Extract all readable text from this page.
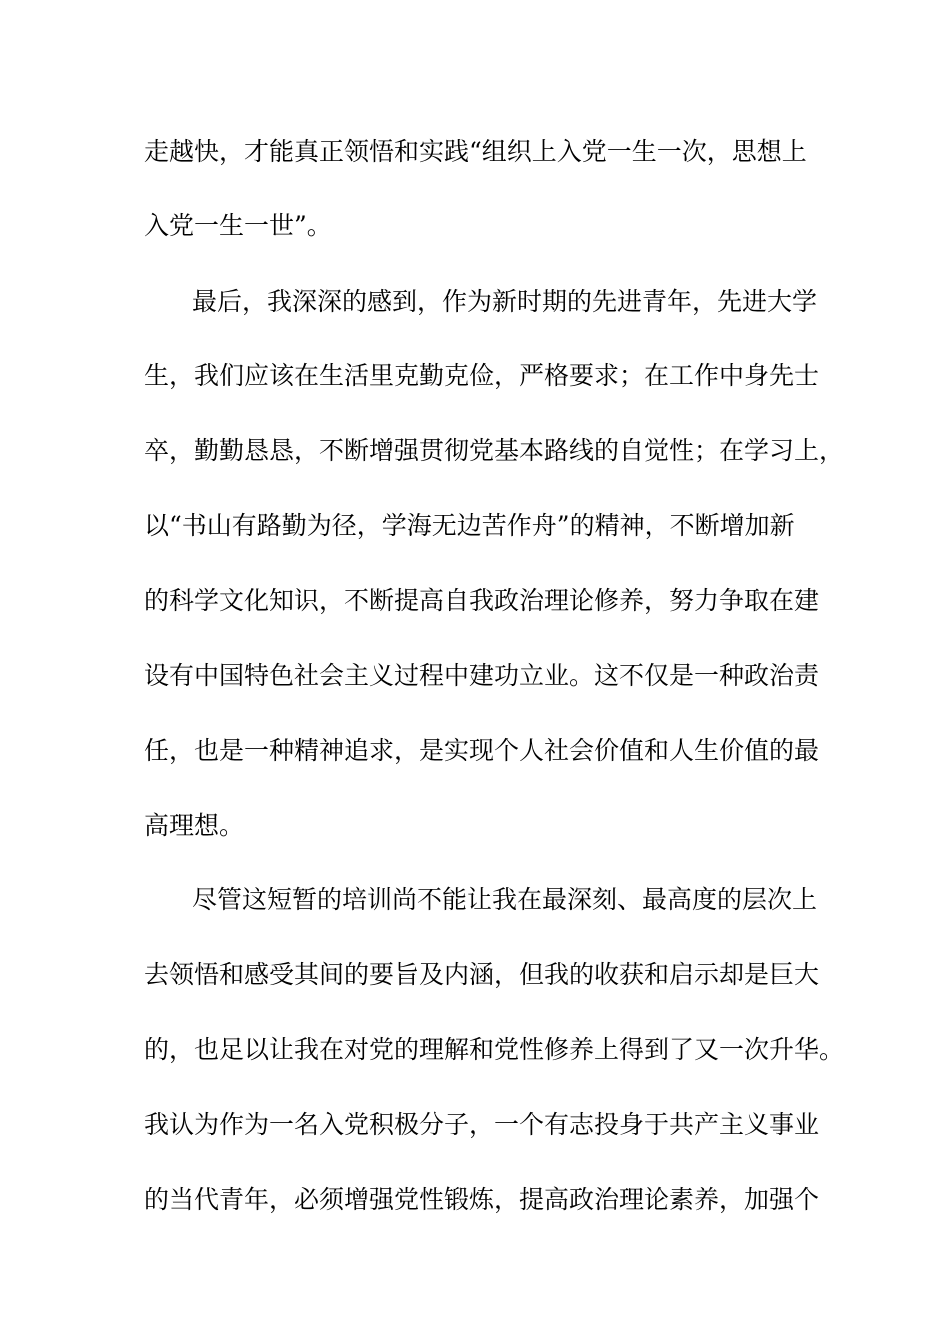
走越快，才能真正领悟和实践“组织上入党一生一次，思想上
入党一生一世”。
最后，我深深的感到，作为新时期的先进青年，先进大学
生，我们应该在生活里克勤克俭，严格要求；在工作中身先士
卒，勤勤恳恳，不断增强贯彻党基本路线的自觉性；在学习上，
以“书山有路勤为径，学海无边苦作舟”的精神，不断增加新
的科学文化知识，不断提高自我政治理论修养，努力争取在建
设有中国特色社会主义过程中建功立业。这不仅是一种政治责
任，也是一种精神追求，是实现个人社会价值和人生价值的最
高理想。
尽管这短暂的培训尚不能让我在最深刻、最高度的层次上
去领悟和感受其间的要旨及内涵，但我的收获和启示却是巨大
的，也足以让我在对党的理解和党性修养上得到了又一次升华。
我认为作为一名入党积极分子，一个有志投身于共产主义事业
的当代青年，必须增强党性锻炼，提高政治理论素养，加强个
